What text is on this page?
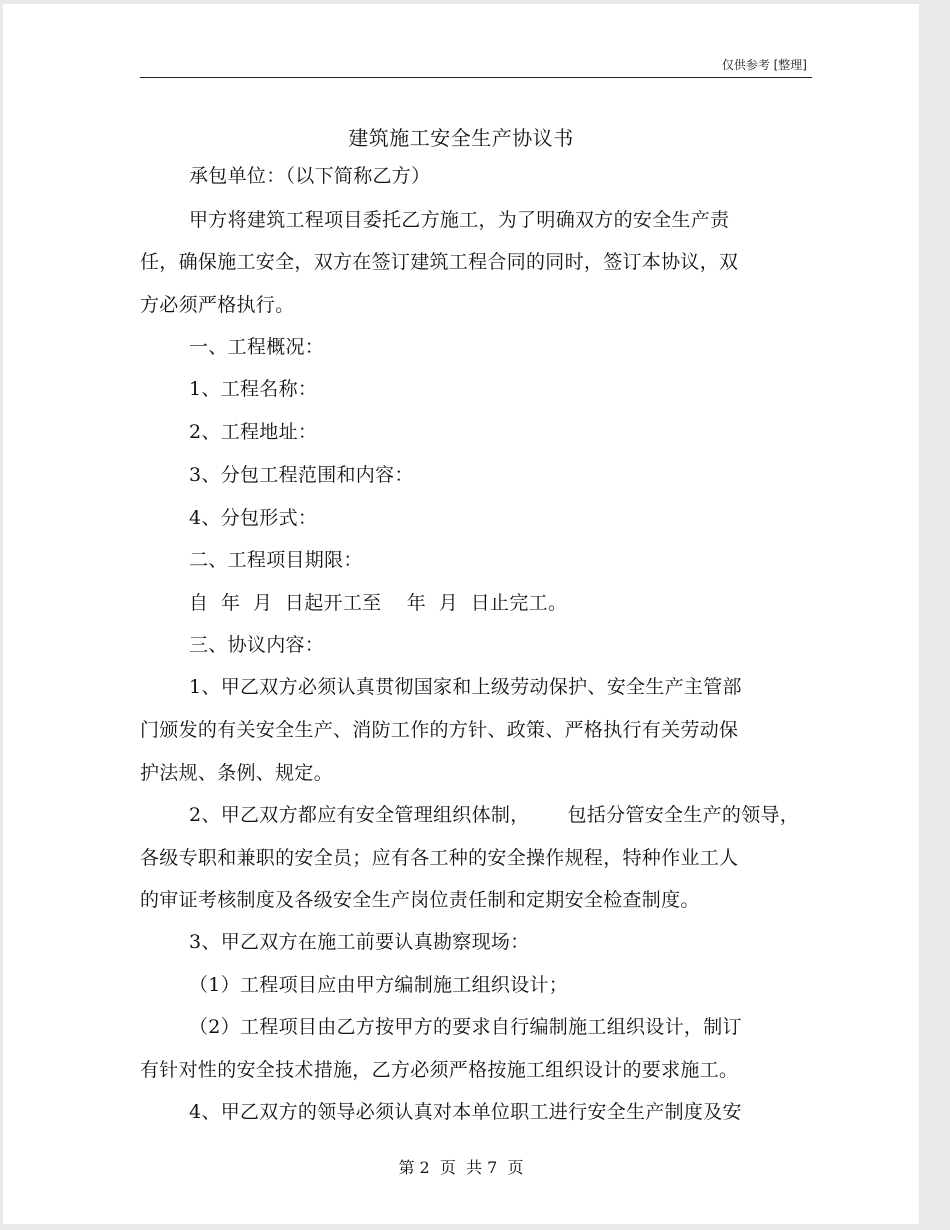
仅供参考 [整理]
建筑施工安全生产协议书
承包单位：（以下简称乙方）
甲方将建筑工程项目委托乙方施工，为了明确双方的安全生产责
任，确保施工安全，双方在签订建筑工程合同的同时，签订本协议，双
方必须严格执行。
一、工程概况：
1、工程名称：
2、工程地址：
3、分包工程范围和内容：
4、分包形式：
二、工程项目期限：
自  年  月  日起开工至    年  月  日止完工。
三、协议内容：
1、甲乙双方必须认真贯彻国家和上级劳动保护、安全生产主管部
门颁发的有关安全生产、消防工作的方针、政策、严格执行有关劳动保
护法规、条例、规定。
2、甲乙双方都应有安全管理组织体制，      包括分管安全生产的领导，
各级专职和兼职的安全员；应有各工种的安全操作规程，特种作业工人
的审证考核制度及各级安全生产岗位责任制和定期安全检查制度。
3、甲乙双方在施工前要认真勘察现场：
（1）工程项目应由甲方编制施工组织设计；
（2）工程项目由乙方按甲方的要求自行编制施工组织设计，制订
有针对性的安全技术措施，乙方必须严格按施工组织设计的要求施工。
4、甲乙双方的领导必须认真对本单位职工进行安全生产制度及安
第 2  页  共 7  页
